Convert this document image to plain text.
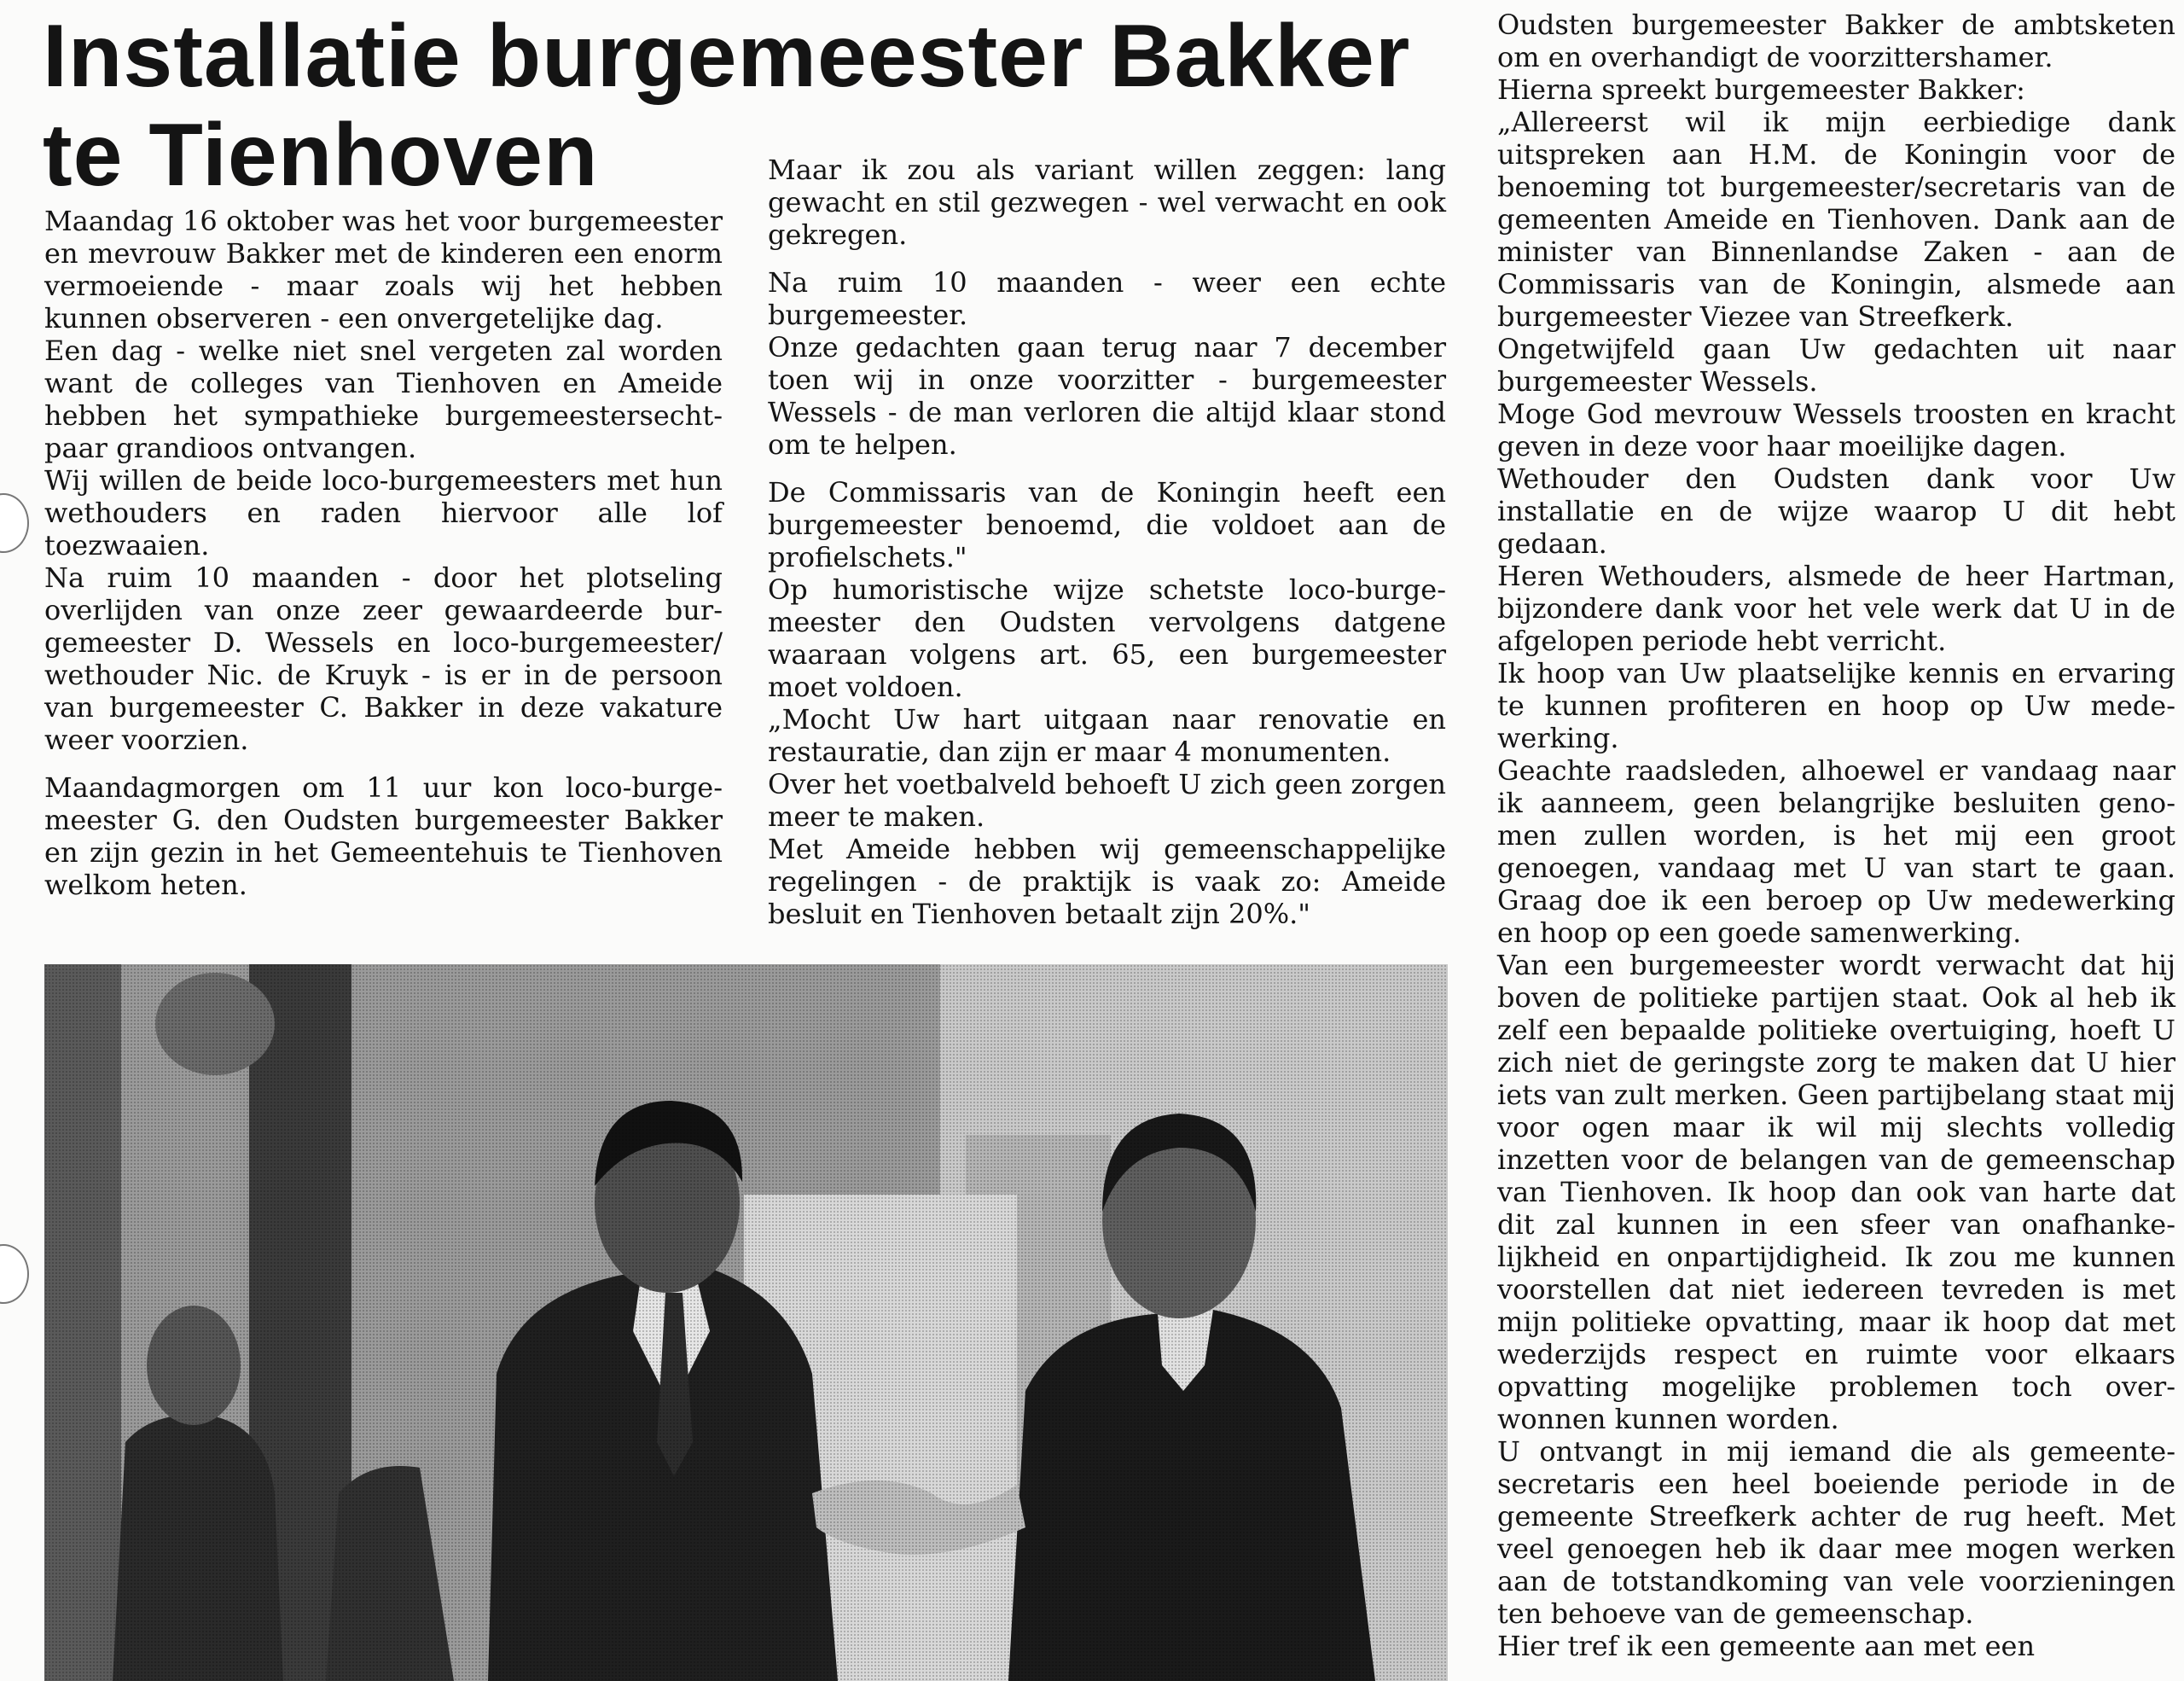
Installatie burgemeester Bakker
te Tienhoven

Maandag 16 oktober was het voor burgemeester en mevrouw Bakker met de kinderen een enorm vermoeiende - maar zoals wij het hebben kunnen observeren - een onvergetelijke dag.

Een dag - welke niet snel vergeten zal worden want de colleges van Tienhoven en Ameide hebben het sympathieke burgemeestersechtpaar grandioos ontvangen.

Wij willen de beide loco-burgemeesters met hun wethouders en raden hiervoor alle lof toezwaaien.

Na ruim 10 maanden - door het plotseling overlijden van onze zeer gewaardeerde burgemeester D. Wessels en loco-burgemeester/ wethouder Nic. de Kruyk - is er in de persoon van burgemeester C. Bakker in deze vakature weer voorzien.

Maandagmorgen om 11 uur kon loco-burgemeester G. den Oudsten burgemeester Bakker en zijn gezin in het Gemeentehuis te Tienhoven welkom heten.

Maar ik zou als variant willen zeggen: lang gewacht en stil gezwegen - wel verwacht en ook gekregen.

Na ruim 10 maanden - weer een echte burgemeester.

Onze gedachten gaan terug naar 7 december toen wij in onze voorzitter - burgemeester Wessels - de man verloren die altijd klaar stond om te helpen.

De Commissaris van de Koningin heeft een burgemeester benoemd, die voldoet aan de profielschets."

Op humoristische wijze schetste loco-burgemeester den Oudsten vervolgens datgene waaraan volgens art. 65, een burgemeester moet voldoen.

„Mocht Uw hart uitgaan naar renovatie en restauratie, dan zijn er maar 4 monumenten.

Over het voetbalveld behoeft U zich geen zorgen meer te maken.

Met Ameide hebben wij gemeenschappelijke regelingen - de praktijk is vaak zo: Ameide besluit en Tienhoven betaalt zijn 20%."

Oudsten burgemeester Bakker de ambtsketen om en overhandigt de voorzittershamer.

Hierna spreekt burgemeester Bakker:

„Allereerst wil ik mijn eerbiedige dank uitspreken aan H.M. de Koningin voor de benoeming tot burgemeester/secretaris van de gemeenten Ameide en Tienhoven. Dank aan de minister van Binnenlandse Zaken - aan de Commissaris van de Koningin, alsmede aan burgemeester Viezee van Streefkerk.

Ongetwijfeld gaan Uw gedachten uit naar burgemeester Wessels.

Moge God mevrouw Wessels troosten en kracht geven in deze voor haar moeilijke dagen.

Wethouder den Oudsten dank voor Uw installatie en de wijze waarop U dit hebt gedaan.

Heren Wethouders, alsmede de heer Hartman, bijzondere dank voor het vele werk dat U in de afgelopen periode hebt verricht.

Ik hoop van Uw plaatselijke kennis en ervaring te kunnen profiteren en hoop op Uw medewerking.

Geachte raadsleden, alhoewel er vandaag naar ik aanneem, geen belangrijke besluiten genomen zullen worden, is het mij een groot genoegen, vandaag met U van start te gaan. Graag doe ik een beroep op Uw medewerking en hoop op een goede samenwerking.

Van een burgemeester wordt verwacht dat hij boven de politieke partijen staat. Ook al heb ik zelf een bepaalde politieke overtuiging, hoeft U zich niet de geringste zorg te maken dat U hier iets van zult merken. Geen partijbelang staat mij voor ogen maar ik wil mij slechts volledig inzetten voor de belangen van de gemeenschap van Tienhoven. Ik hoop dan ook van harte dat dit zal kunnen in een sfeer van onafhankelijkheid en onpartijdigheid. Ik zou me kunnen voorstellen dat niet iedereen tevreden is met mijn politieke opvatting, maar ik hoop dat met wederzijds respect en ruimte voor elkaars opvatting mogelijke problemen toch overwonnen kunnen worden.

U ontvangt in mij iemand die als gemeentesecretaris een heel boeiende periode in de gemeente Streefkerk achter de rug heeft. Met veel genoegen heb ik daar mee mogen werken aan de totstandkoming van vele voorzieningen ten behoeve van de gemeenschap.

Hier tref ik een gemeente aan met een
